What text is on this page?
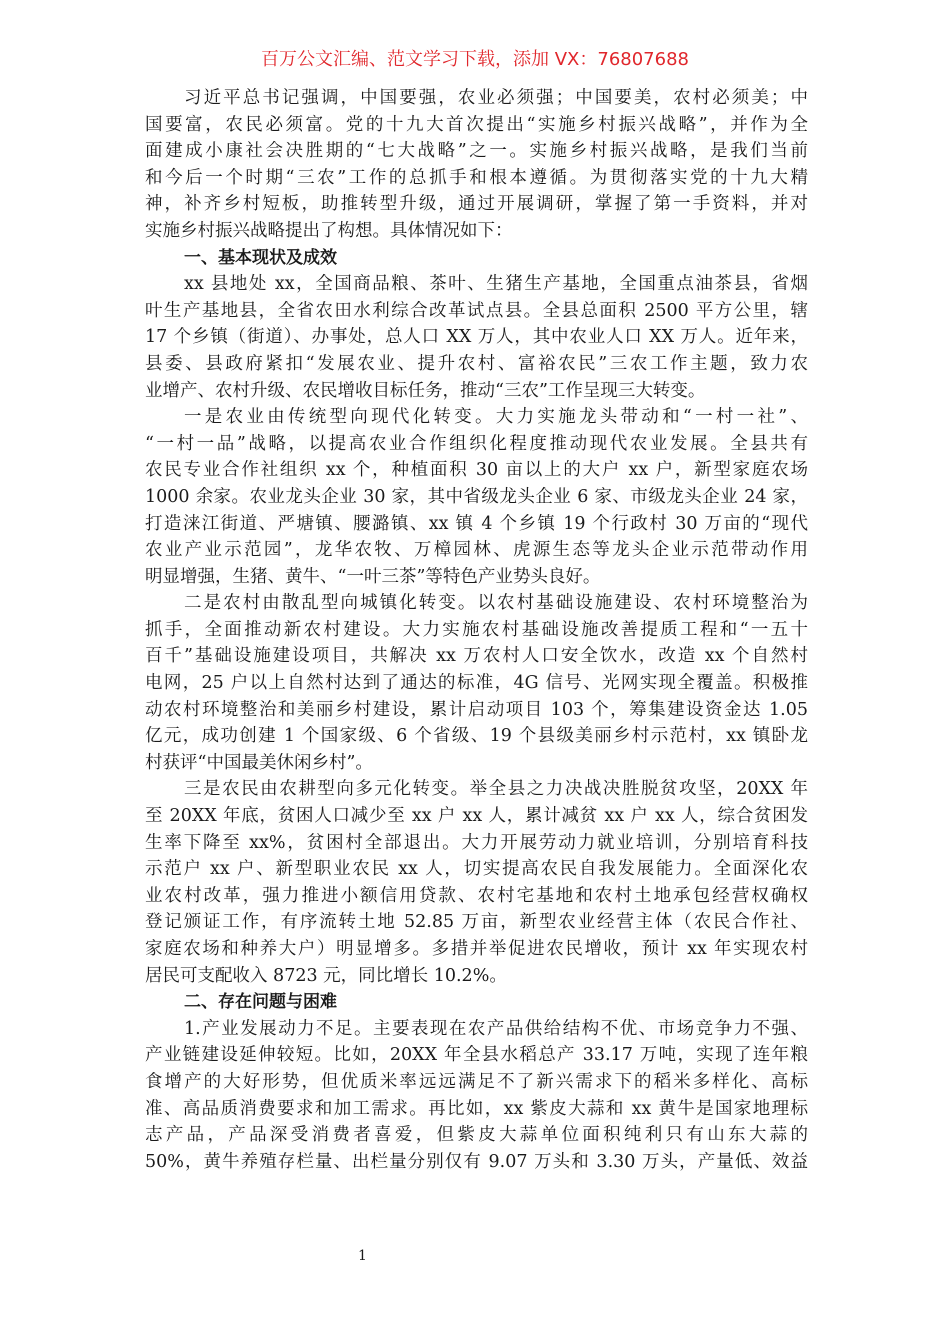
百万公文汇编、范文学习下载，添加 VX：76807688
习近平总书记强调，中国要强，农业必须强；中国要美，农村必须美；中
国要富，农民必须富。党的十九大首次提出“实施乡村振兴战略”，并作为全
面建成小康社会决胜期的“七大战略”之一。实施乡村振兴战略，是我们当前
和今后一个时期“三农”工作的总抓手和根本遵循。为贯彻落实党的十九大精
神，补齐乡村短板，助推转型升级，通过开展调研，掌握了第一手资料，并对
实施乡村振兴战略提出了构想。具体情况如下：
一、基本现状及成效
xx 县地处 xx，全国商品粮、茶叶、生猪生产基地，全国重点油茶县，省烟
叶生产基地县，全省农田水利综合改革试点县。全县总面积 2500 平方公里，辖
17 个乡镇（街道）、办事处，总人口 XX 万人，其中农业人口 XX 万人。近年来，
县委、县政府紧扣“发展农业、提升农村、富裕农民”三农工作主题，致力农
业增产、农村升级、农民增收目标任务，推动“三农”工作呈现三大转变。
一是农业由传统型向现代化转变。大力实施龙头带动和“一村一社”、
“一村一品”战略，以提高农业合作组织化程度推动现代农业发展。全县共有
农民专业合作社组织 xx 个，种植面积 30 亩以上的大户 xx 户，新型家庭农场
1000 余家。农业龙头企业 30 家，其中省级龙头企业 6 家、市级龙头企业 24 家，
打造涞江街道、严塘镇、腰潞镇、xx 镇 4 个乡镇 19 个行政村 30 万亩的“现代
农业产业示范园”，龙华农牧、万樟园林、虎源生态等龙头企业示范带动作用
明显增强，生猪、黄牛、“一叶三茶”等特色产业势头良好。
二是农村由散乱型向城镇化转变。以农村基础设施建设、农村环境整治为
抓手，全面推动新农村建设。大力实施农村基础设施改善提质工程和“一五十
百千”基础设施建设项目，共解决 xx 万农村人口安全饮水，改造 xx 个自然村
电网，25 户以上自然村达到了通达的标准，4G 信号、光网实现全覆盖。积极推
动农村环境整治和美丽乡村建设，累计启动项目 103 个，筹集建设资金达 1.05
亿元，成功创建 1 个国家级、6 个省级、19 个县级美丽乡村示范村，xx 镇卧龙
村获评“中国最美休闲乡村”。
三是农民由农耕型向多元化转变。举全县之力决战决胜脱贫攻坚，20XX 年
至 20XX 年底，贫困人口减少至 xx 户 xx 人，累计减贫 xx 户 xx 人，综合贫困发
生率下降至 xx%，贫困村全部退出。大力开展劳动力就业培训，分别培育科技
示范户 xx 户、新型职业农民 xx 人，切实提高农民自我发展能力。全面深化农
业农村改革，强力推进小额信用贷款、农村宅基地和农村土地承包经营权确权
登记颁证工作，有序流转土地 52.85 万亩，新型农业经营主体（农民合作社、
家庭农场和种养大户）明显增多。多措并举促进农民增收，预计 xx 年实现农村
居民可支配收入 8723 元，同比增长 10.2%。
二、存在问题与困难
1.产业发展动力不足。主要表现在农产品供给结构不优、市场竞争力不强、
产业链建设延伸较短。比如，20XX 年全县水稻总产 33.17 万吨，实现了连年粮
食增产的大好形势，但优质米率远远满足不了新兴需求下的稻米多样化、高标
准、高品质消费要求和加工需求。再比如，xx 紫皮大蒜和 xx 黄牛是国家地理标
志产品，产品深受消费者喜爱，但紫皮大蒜单位面积纯利只有山东大蒜的
50%，黄牛养殖存栏量、出栏量分别仅有 9.07 万头和 3.30 万头，产量低、效益
1
